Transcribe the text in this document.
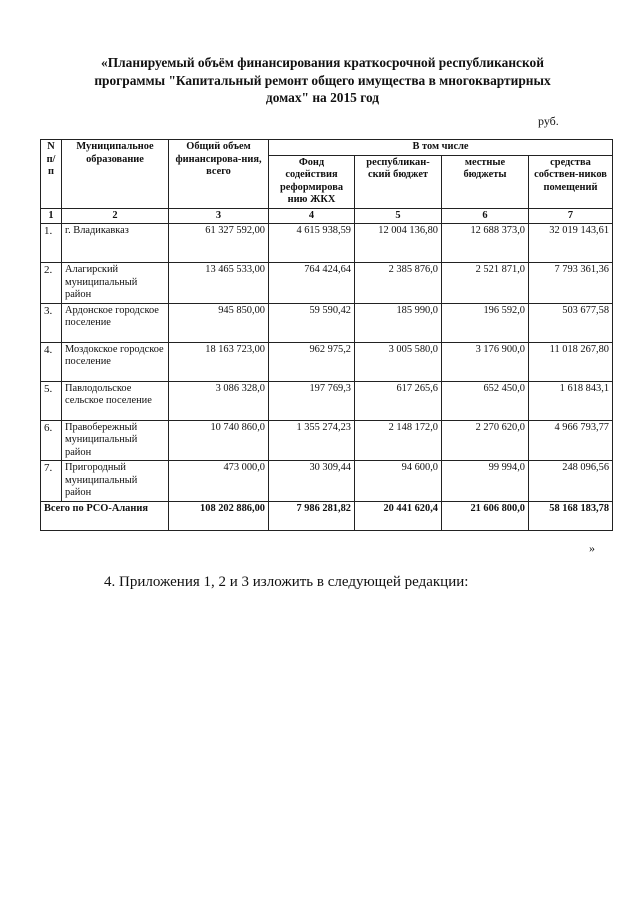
«Планируемый объём финансирования краткосрочной республиканской
программы "Капитальный ремонт общего имущества в многоквартирных
домах" на 2015 год
руб.
N п/ п	Муниципальное образование	Общий объем финансирова-ния, всего	В том числе			
			Фонд содействия реформирова нию ЖКХ	республикан-ский бюджет	местные бюджеты	средства собствен-ников помещений
1	2	3	4	5	6	7
1.	г. Владикавказ	61 327 592,00	4 615 938,59	12 004 136,80	12 688 373,0	32 019 143,61
2.	Алагирский муниципальный район	13 465 533,00	764 424,64	2 385 876,0	2 521 871,0	7 793 361,36
3.	Ардонское городское поселение	945 850,00	59 590,42	185 990,0	196 592,0	503 677,58
4.	Моздокское городское поселение	18 163 723,00	962 975,2	3 005 580,0	3 176 900,0	11 018 267,80
5.	Павлодольское сельское поселение	3 086 328,0	197 769,3	617 265,6	652 450,0	1 618 843,1
6.	Правобережный муниципальный район	10 740 860,0	1 355 274,23	2 148 172,0	2 270 620,0	4 966 793,77
7.	Пригородный муниципальный район	473 000,0	30 309,44	94 600,0	99 994,0	248 096,56
Всего по РСО-Алания		108 202 886,00	7 986 281,82	20 441 620,4	21 606 800,0	58 168 183,78
»
4. Приложения 1, 2 и 3 изложить в следующей редакции:
